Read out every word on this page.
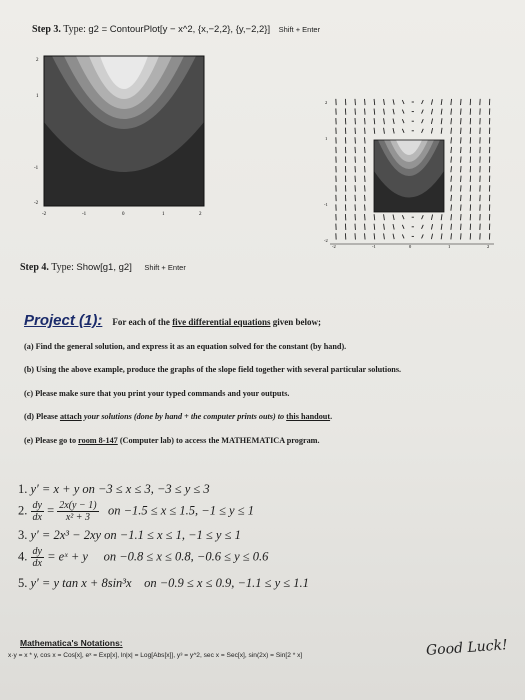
Step 3. Type: g2 = ContourPlot[y − x^2, {x,−2,2}, {y,−2,2}] Shift + Enter
2
1
-1
-2
-2	-1	0	1	2
2
1
-1
-2
-2	-1	0	1	2
Step 4. Type: Show[g1, g2] Shift + Enter
Project (1): For each of the five differential equations given below;
(a) Find the general solution, and express it as an equation solved for the constant (by hand).
(b) Using the above example, produce the graphs of the slope field together with several particular solutions.
(c) Please make sure that you print your typed commands and your outputs.
(d) Please attach your solutions (done by hand + the computer prints outs) to this handout.
(e) Please go to room 8-147 (Computer lab) to access the MATHEMATICA program.
1. y′ = x + y on −3 ≤ x ≤ 3, −3 ≤ y ≤ 3
2. $\frac{dy}{dx} = \frac{2x(y - 1)}{\text{x² + 3}}$ on −1.5 ≤ x ≤ 1.5, −1 ≤ y ≤ 1
3. y′ = 2x³ − 2xy on −1.1 ≤ x ≤ 1, −1 ≤ y ≤ 1
4. $\frac{dy}{dx}$ = eˣ + y on −0.8 ≤ x ≤ 0.8, −0.6 ≤ y ≤ 0.6
5. y′ = y tan x + 8sin³x on −0.9 ≤ x ≤ 0.9, −1.1 ≤ y ≤ 1.1
Mathematica's Notations:
x·y = x * y, cos x = Cos[x], eˣ = Exp[x], ln|x| = Log[Abs[x]], y³ = y^2, sec x = Sec[x], sin(2x) = Sin[2 * x]	Good Luck!
